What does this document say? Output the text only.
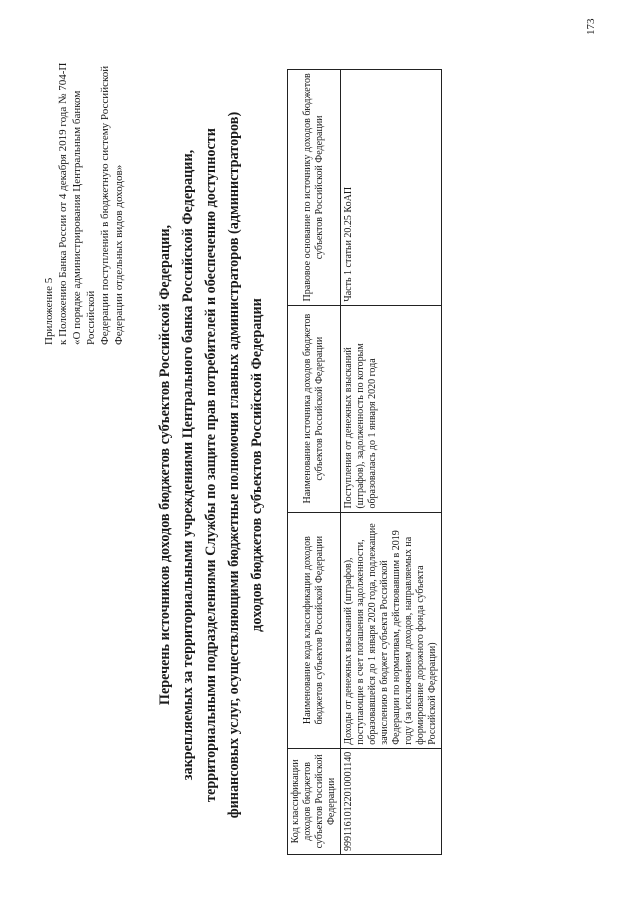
173
Приложение 5 к Положению Банка России от 4 декабря 2019 года № 704-П «О порядке администрирования Центральным банком Российской Федерации поступлений в бюджетную систему Российской Федерации отдельных видов доходов» Перечень источников доходов бюджетов субъектов Российской Федерации, закрепляемых за территориальными учреждениями Центрального банка Российской Федерации, территориальными подразделениями Службы по защите прав потребителей и обеспечению доступности финансовых услуг, осуществляющими бюджетные полномочия главных администраторов (администраторов) доходов бюджетов субъектов Российской Федерации
Код классификации доходов бюджетов субъектов Российской Федерации	Наименование кода классификации доходов бюджетов субъектов Российской Федерации	Наименование источника доходов бюджетов субъектов Российской Федерации	Правовое основание по источнику доходов бюджетов субъектов Российской Федерации
99911610122010001140	Доходы от денежных взысканий (штрафов), поступающие в счет погашения задолженности, образовавшейся до 1 января 2020 года, подлежащие зачислению в бюджет субъекта Российской Федерации по нормативам, действовавшим в 2019 году (за исключением доходов, направляемых на формирование дорожного фонда субъекта Российской Федерации)	Поступления от денежных взысканий (штрафов), задолженность по которым образовалась до 1 января 2020 года	Часть 1 статьи 20.25 КоАП
